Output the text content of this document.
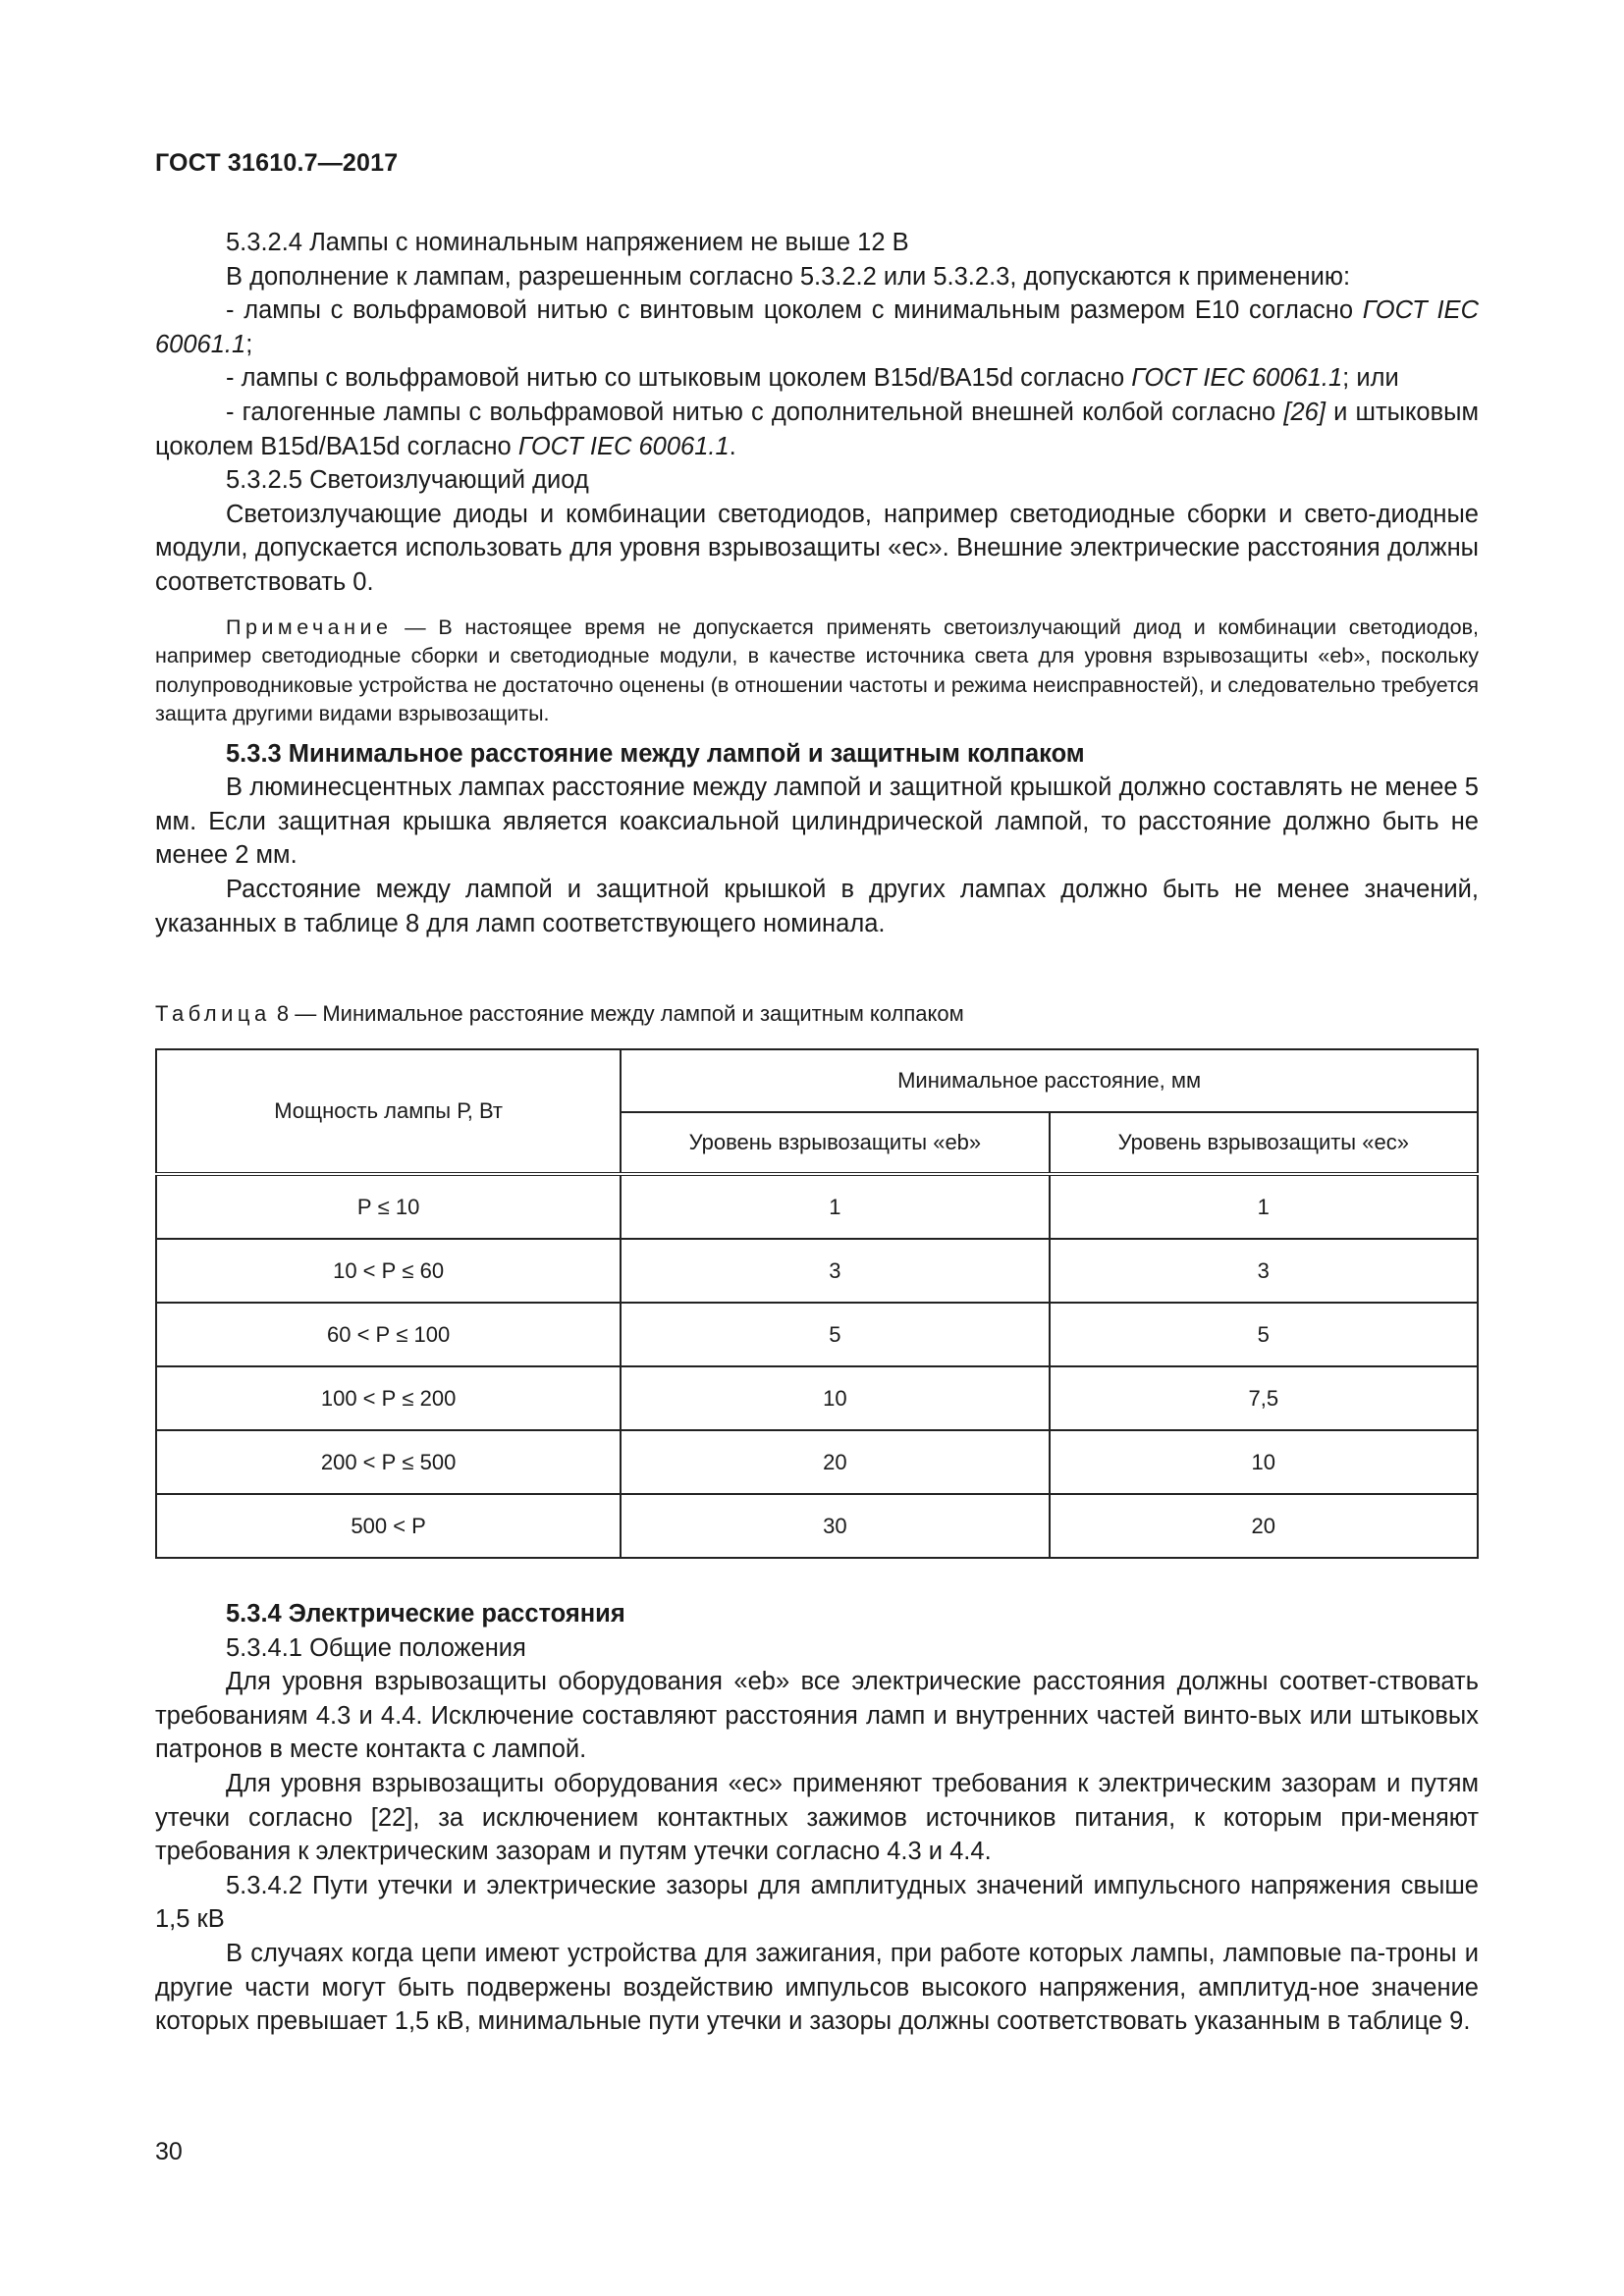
ГОСТ 31610.7—2017

5.3.2.4 Лампы с номинальным напряжением не выше 12 В

В дополнение к лампам, разрешенным согласно 5.3.2.2 или 5.3.2.3, допускаются к применению:

- лампы с вольфрамовой нитью с винтовым цоколем с минимальным размером Е10 согласно ГОСТ IEC 60061.1;

- лампы с вольфрамовой нитью со штыковым цоколем В15d/ВА15d согласно ГОСТ IEC 60061.1; или

- галогенные лампы с вольфрамовой нитью с дополнительной внешней колбой согласно [26] и штыковым цоколем В15d/ВА15d согласно ГОСТ IEC 60061.1.

5.3.2.5 Светоизлучающий диод

Светоизлучающие диоды и комбинации светодиодов, например светодиодные сборки и свето-диодные модули, допускается использовать для уровня взрывозащиты «ес». Внешние электрические расстояния должны соответствовать 0.

Примечание — В настоящее время не допускается применять светоизлучающий диод и комбинации светодиодов, например светодиодные сборки и светодиодные модули, в качестве источника света для уровня взрывозащиты «eb», поскольку полупроводниковые устройства не достаточно оценены (в отношении частоты и режима неисправностей), и следовательно требуется защита другими видами взрывозащиты.

5.3.3 Минимальное расстояние между лампой и защитным колпаком

В люминесцентных лампах расстояние между лампой и защитной крышкой должно составлять не менее 5 мм. Если защитная крышка является коаксиальной цилиндрической лампой, то расстояние должно быть не менее 2 мм.

Расстояние между лампой и защитной крышкой в других лампах должно быть не менее значений, указанных в таблице 8 для ламп соответствующего номинала.

Таблица 8 — Минимальное расстояние между лампой и защитным колпаком
Мощность лампы Р, Вт	Минимальное расстояние, мм	
	Уровень взрывозащиты «eb»	Уровень взрывозащиты «ес»
Р ≤ 10	1	1
10 < Р ≤ 60	3	3
60 < Р ≤ 100	5	5
100 < Р ≤ 200	10	7,5
200 < Р ≤ 500	20	10
500 < Р	30	20

5.3.4 Электрические расстояния

5.3.4.1 Общие положения

Для уровня взрывозащиты оборудования «eb» все электрические расстояния должны соответ-ствовать требованиям 4.3 и 4.4. Исключение составляют расстояния ламп и внутренних частей винто-вых или штыковых патронов в месте контакта с лампой.

Для уровня взрывозащиты оборудования «ес» применяют требования к электрическим зазорам и путям утечки согласно [22], за исключением контактных зажимов источников питания, к которым при-меняют требования к электрическим зазорам и путям утечки согласно 4.3 и 4.4.

5.3.4.2 Пути утечки и электрические зазоры для амплитудных значений импульсного напряжения свыше 1,5 кВ

В случаях когда цепи имеют устройства для зажигания, при работе которых лампы, ламповые па-троны и другие части могут быть подвержены воздействию импульсов высокого напряжения, амплитуд-ное значение которых превышает 1,5 кВ, минимальные пути утечки и зазоры должны соответствовать указанным в таблице 9.

30
